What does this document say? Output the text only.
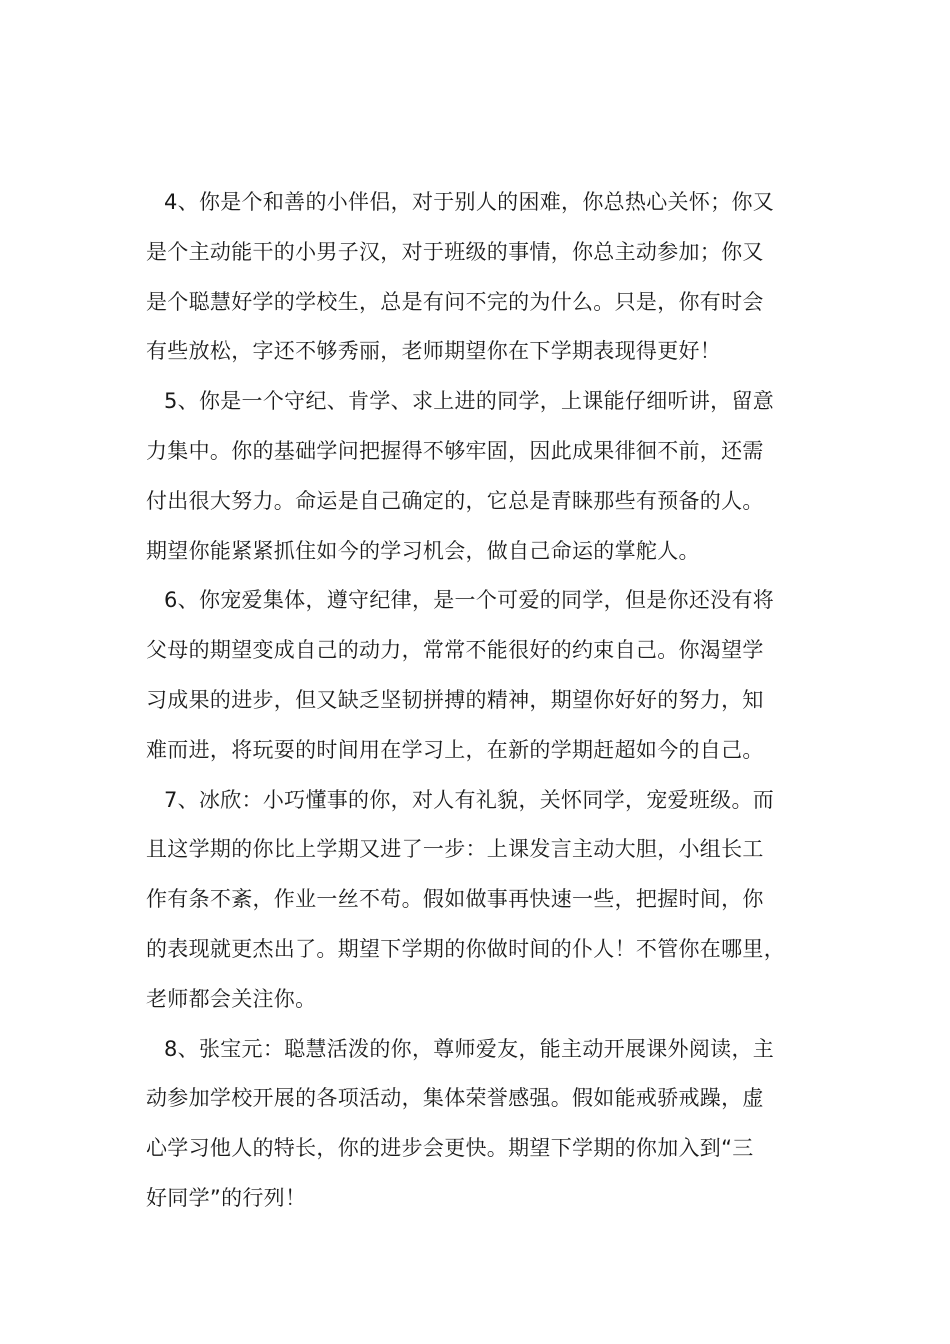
4、你是个和善的小伴侣，对于别人的困难，你总热心关怀；你又
是个主动能干的小男子汉，对于班级的事情，你总主动参加；你又
是个聪慧好学的学校生，总是有问不完的为什么。只是，你有时会
有些放松，字还不够秀丽，老师期望你在下学期表现得更好！
5、你是一个守纪、肯学、求上进的同学，上课能仔细听讲，留意
力集中。你的基础学问把握得不够牢固，因此成果徘徊不前，还需
付出很大努力。命运是自己确定的，它总是青睐那些有预备的人。
期望你能紧紧抓住如今的学习机会，做自己命运的掌舵人。
6、你宠爱集体，遵守纪律，是一个可爱的同学，但是你还没有将
父母的期望变成自己的动力，常常不能很好的约束自己。你渴望学
习成果的进步，但又缺乏坚韧拼搏的精神，期望你好好的努力，知
难而进，将玩耍的时间用在学习上，在新的学期赶超如今的自己。
7、冰欣：小巧懂事的你，对人有礼貌，关怀同学，宠爱班级。而
且这学期的你比上学期又进了一步：上课发言主动大胆，小组长工
作有条不紊，作业一丝不苟。假如做事再快速一些，把握时间，你
的表现就更杰出了。期望下学期的你做时间的仆人！不管你在哪里，
老师都会关注你。
8、张宝元：聪慧活泼的你，尊师爱友，能主动开展课外阅读，主
动参加学校开展的各项活动，集体荣誉感强。假如能戒骄戒躁，虚
心学习他人的特长，你的进步会更快。期望下学期的你加入到“三
好同学”的行列！
